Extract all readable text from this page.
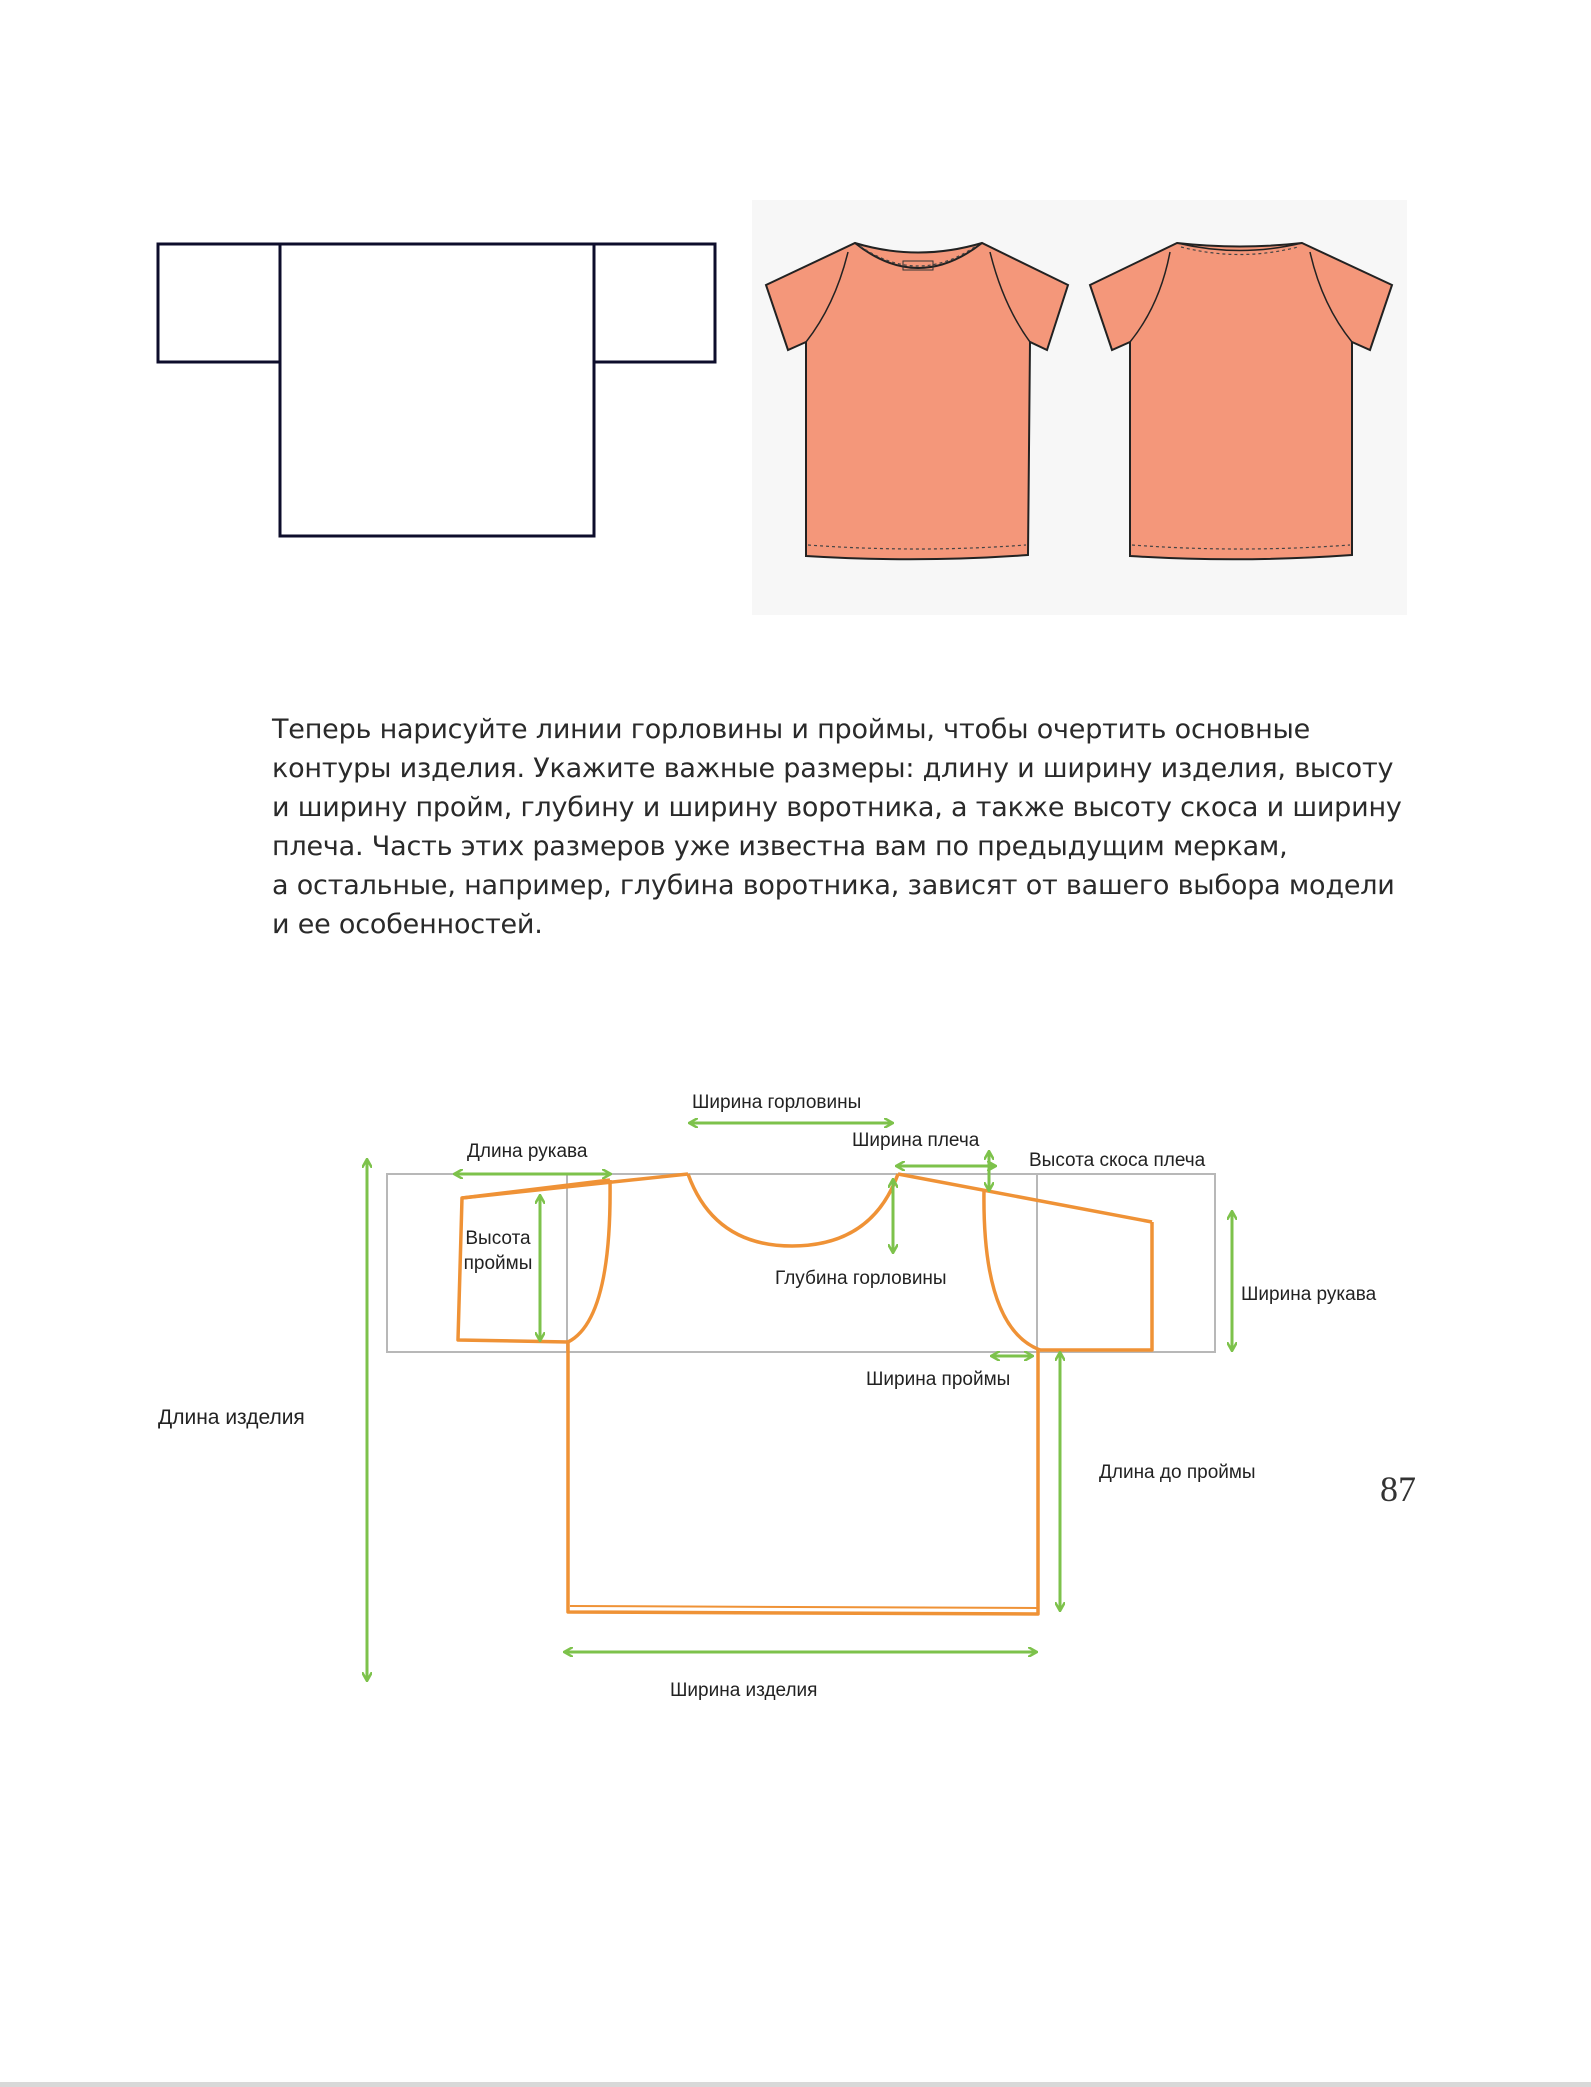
Теперь нарисуйте линии горловины и проймы, чтобы очертить основные
контуры изделия. Укажите важные размеры: длину и ширину изделия, высоту
и ширину пройм, глубину и ширину воротника, а также высоту скоса и ширину
плеча. Часть этих размеров уже известна вам по предыдущим меркам,
а остальные, например, глубина воротника, зависят от вашего выбора модели
и ее особенностей.
Ширина горловины
Длина рукава
Ширина плеча
Высота скоса плеча
Высота
проймы
Глубина горловины
Ширина рукава
Ширина проймы
Длина изделия
Длина до проймы
Ширина изделия
87
